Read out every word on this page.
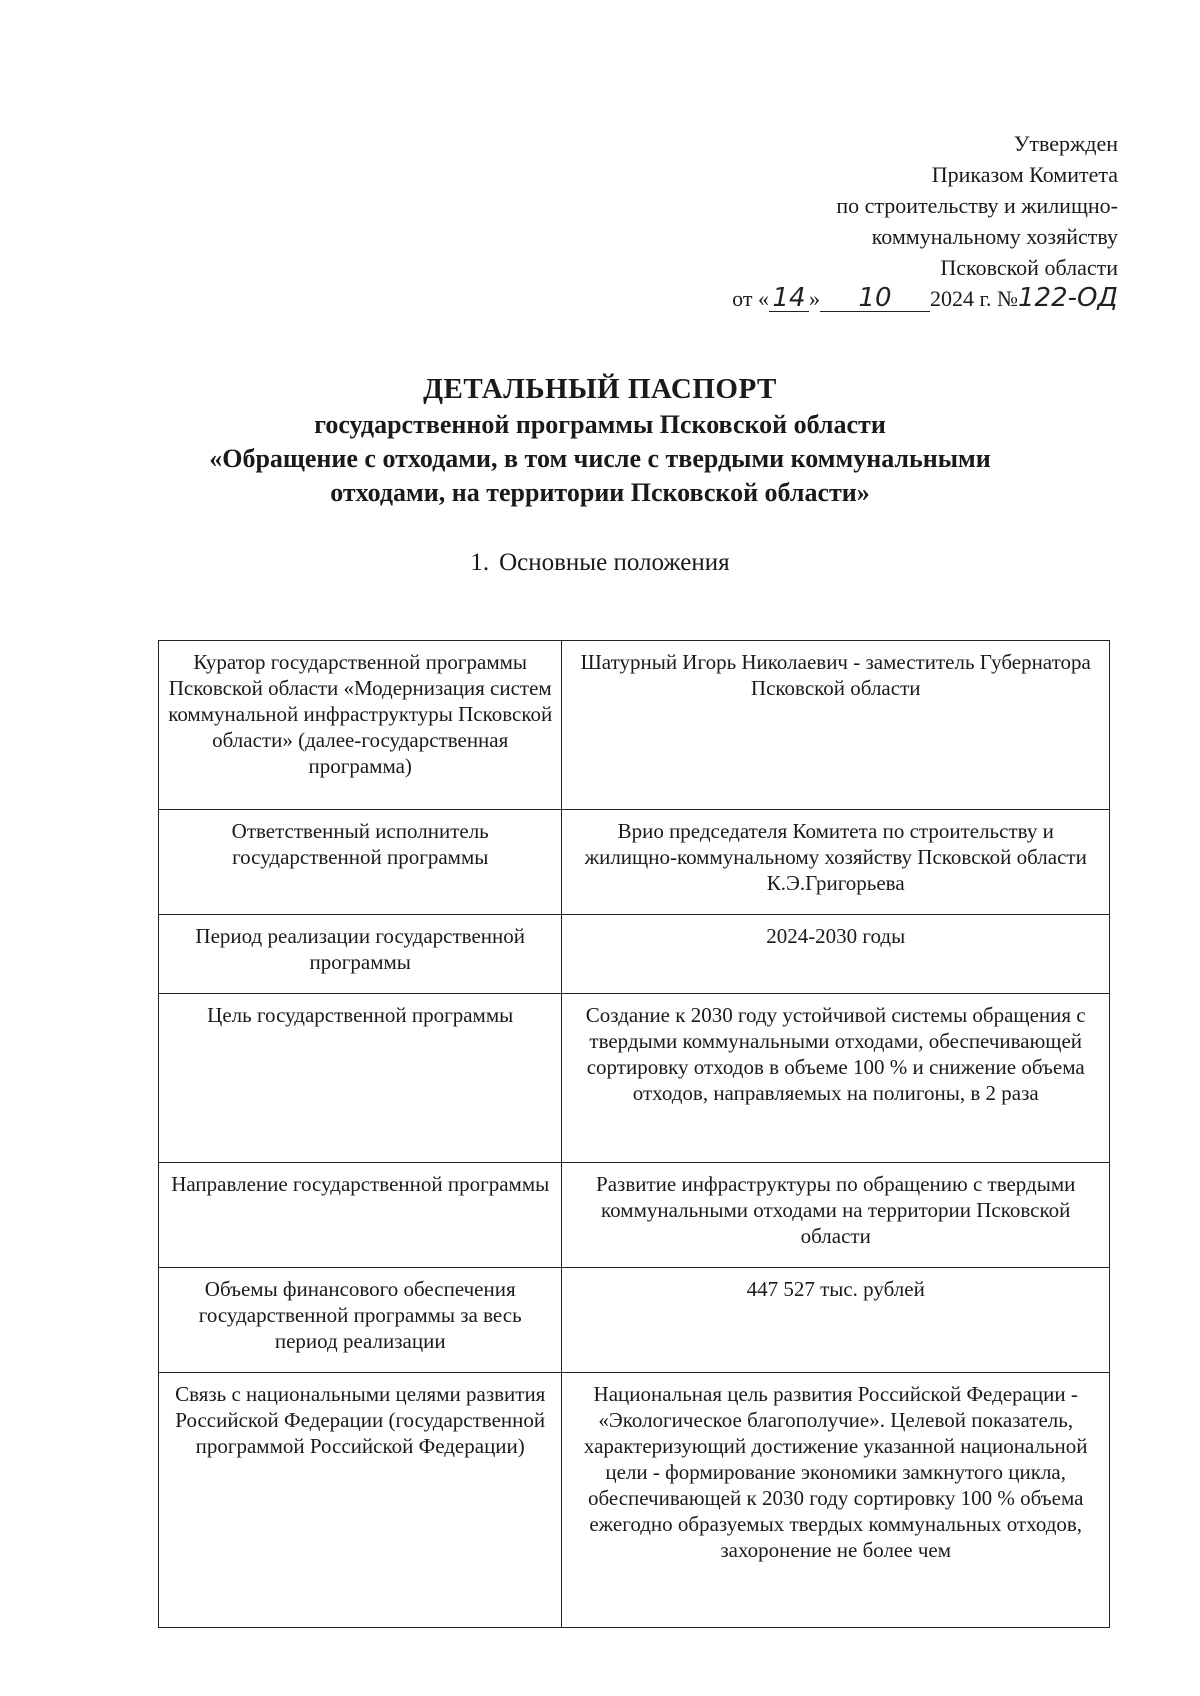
Утвержден
Приказом Комитета
по строительству и жилищно-
коммунальному хозяйству
Псковской области
от « 14 » 10 2024 г. №122-ОД
ДЕТАЛЬНЫЙ ПАСПОРТ
государственной программы Псковской области
«Обращение с отходами, в том числе с твердыми коммунальными
отходами, на территории Псковской области»
1. Основные положения
Куратор государственной программы Псковской области «Модернизация систем коммунальной инфраструктуры Псковской области» (далее-государственная программа)	Шатурный Игорь Николаевич - заместитель Губернатора Псковской области
Ответственный исполнитель государственной программы	Врио председателя Комитета по строительству и жилищно-коммунальному хозяйству Псковской области К.Э.Григорьева
Период реализации государственной программы	2024-2030 годы
Цель государственной программы	Создание к 2030 году устойчивой системы обращения с твердыми коммунальными отходами, обеспечивающей сортировку отходов в объеме 100 % и снижение объема отходов, направляемых на полигоны, в 2 раза
Направление государственной программы	Развитие инфраструктуры по обращению с твердыми коммунальными отходами на территории Псковской области
Объемы финансового обеспечения государственной программы за весь период реализации	447 527 тыс. рублей
Связь с национальными целями развития Российской Федерации (государственной программой Российской Федерации)	Национальная цель развития Российской Федерации - «Экологическое благополучие». Целевой показатель, характеризующий достижение указанной национальной цели - формирование экономики замкнутого цикла, обеспечивающей к 2030 году сортировку 100 % объема ежегодно образуемых твердых коммунальных отходов, захоронение не более чем
